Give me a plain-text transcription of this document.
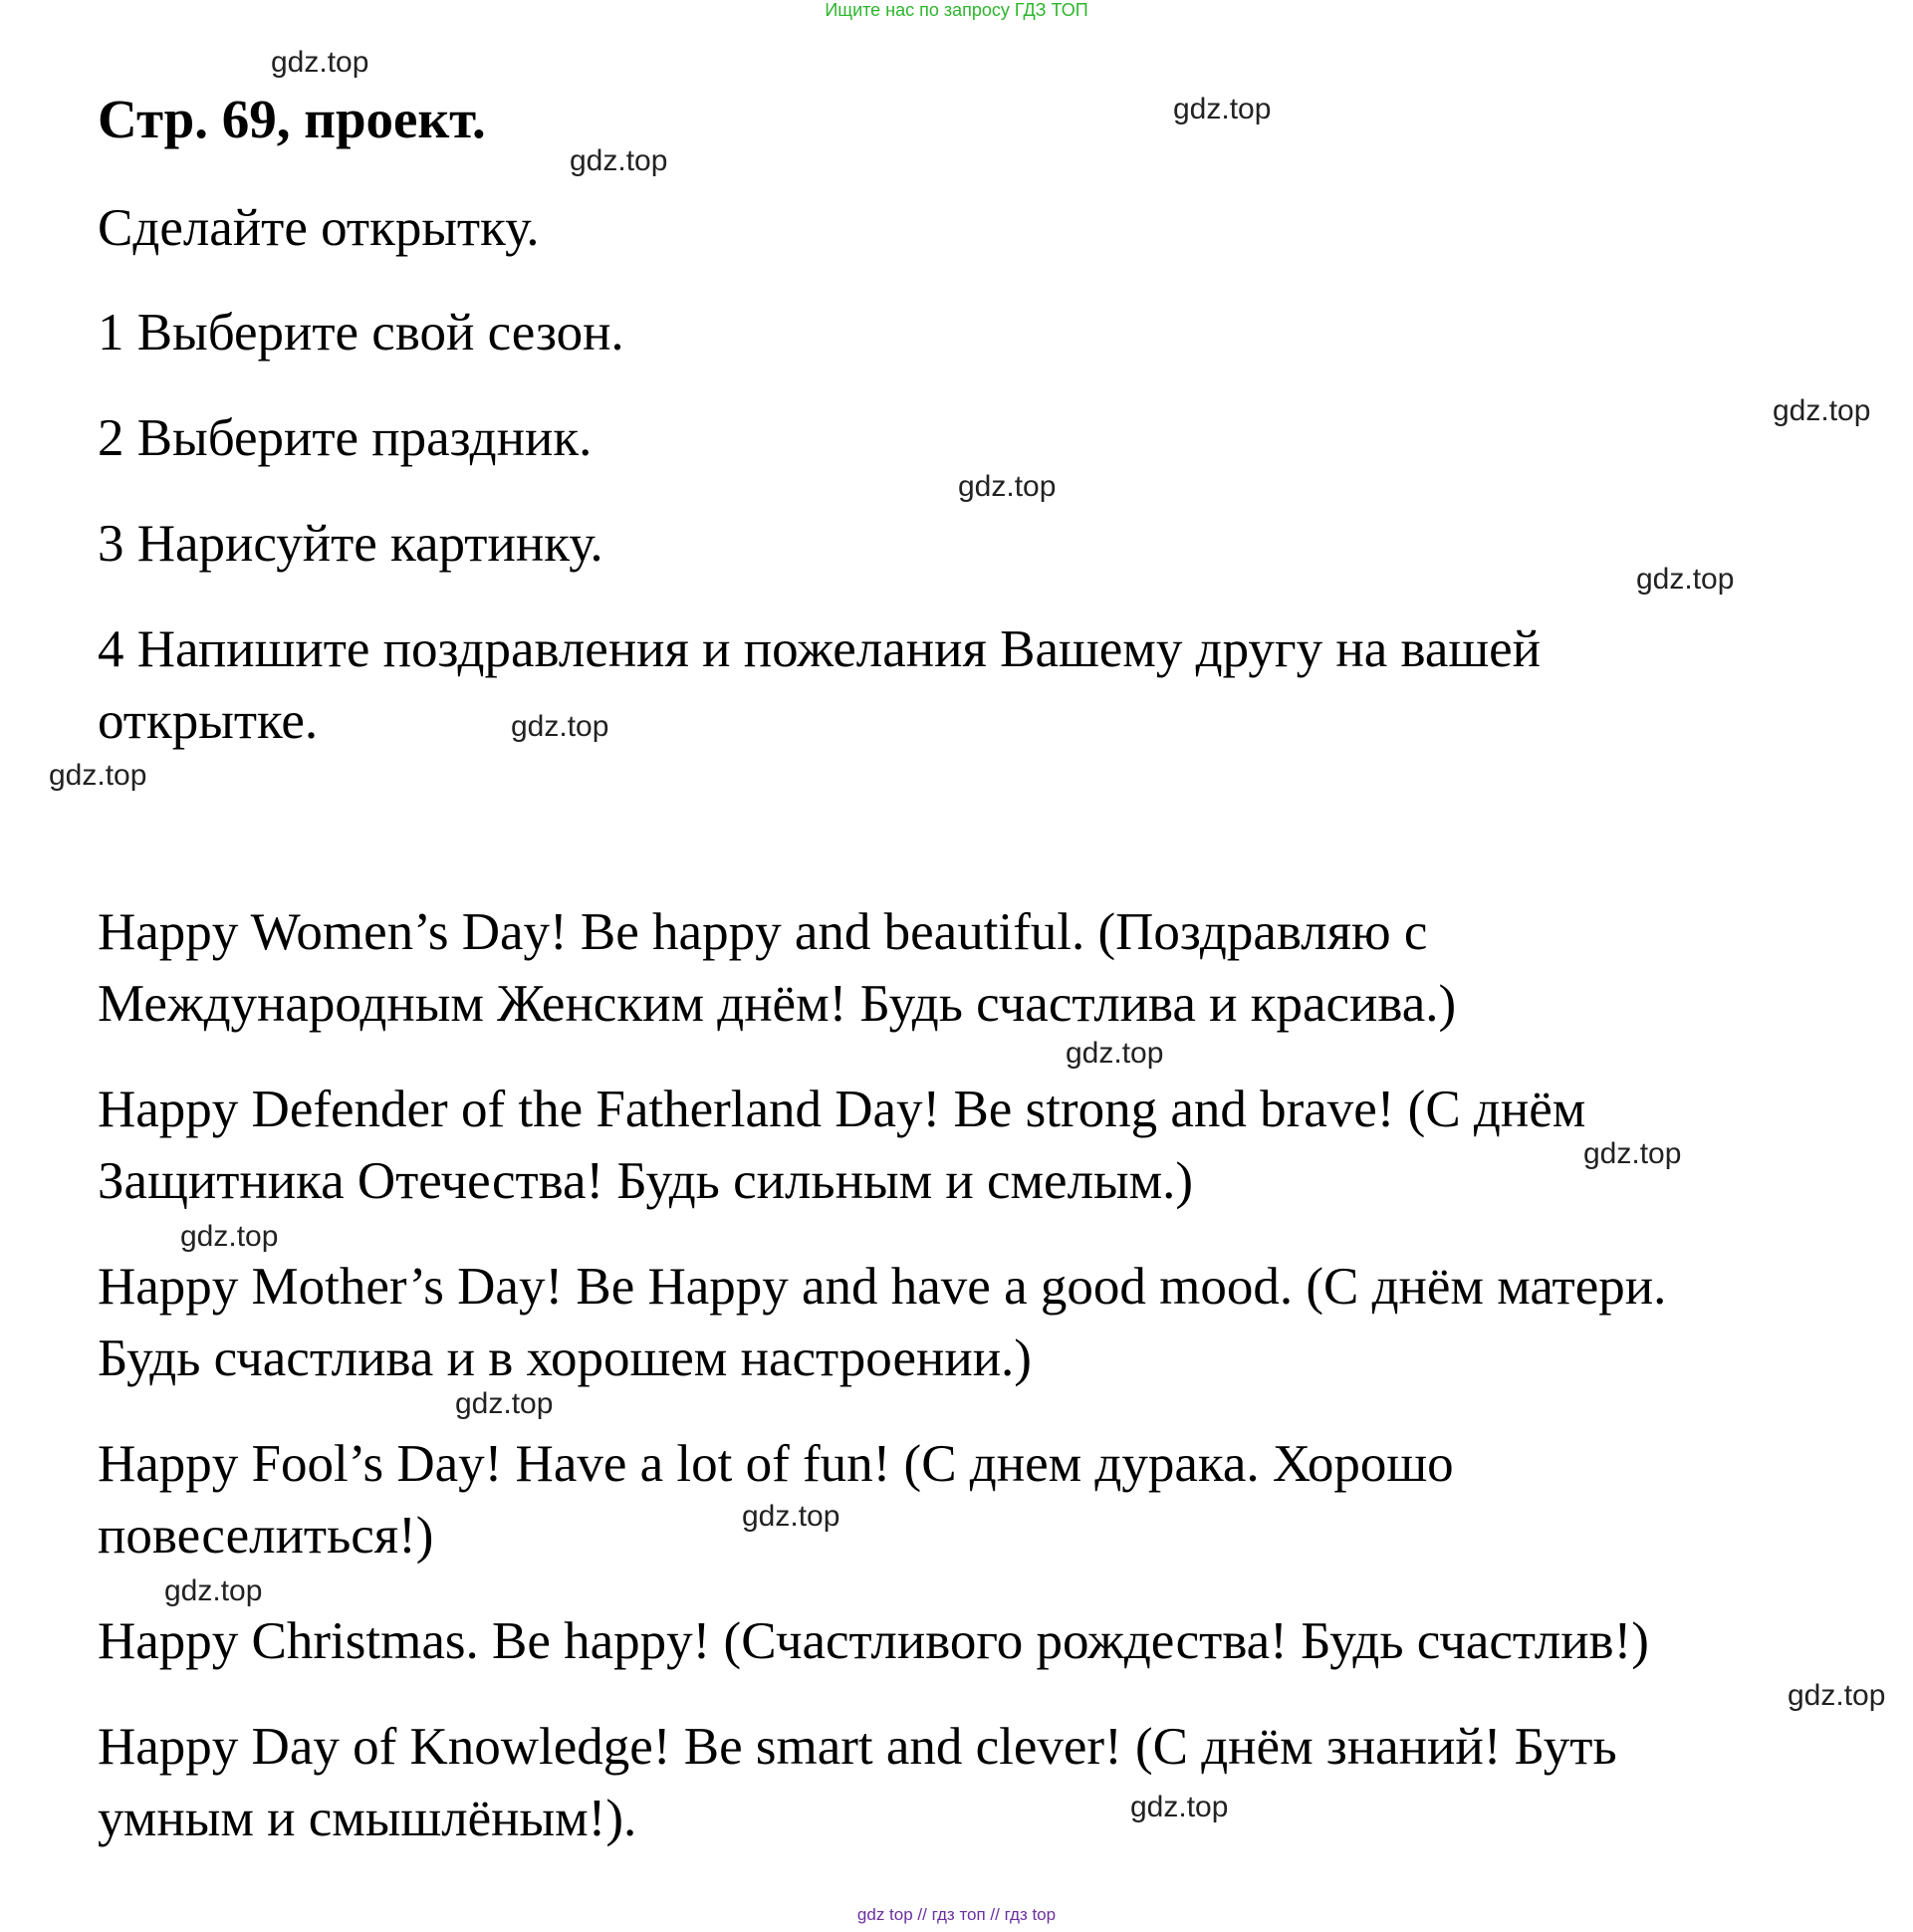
Ищите нас по запросу ГДЗ ТОП
Стр. 69, проект.

Сделайте открытку.

1 Выберите свой сезон.

2 Выберите праздник.

3 Нарисуйте картинку.

4 Напишите поздравления и пожелания Вашему другу на вашей

открытке.

Happy Women’s Day! Be happy and beautiful. (Поздравляю с

Международным Женским днём! Будь счастлива и красива.)

Happy Defender of the Fatherland Day! Be strong and brave! (С днём

Защитника Отечества! Будь сильным и смелым.)

Happy Mother’s Day! Be Happy and have a good mood. (С днём матери.

Будь счастлива и в хорошем настроении.)

Happy Fool’s Day! Have a lot of fun! (С днем дурака. Хорошо

повеселиться!)

Happy Christmas. Be happy! (Счастливого рождества! Будь счастлив!)

Happy Day of Knowledge! Be smart and clever! (С днём знаний! Буть

умным и смышлёным!).

gdz.top
gdz.top
gdz.top
gdz.top
gdz.top
gdz.top
gdz.top
gdz.top
gdz.top
gdz.top
gdz.top
gdz.top
gdz.top
gdz.top
gdz.top
gdz.top
gdz top // гдз топ // гдз top
